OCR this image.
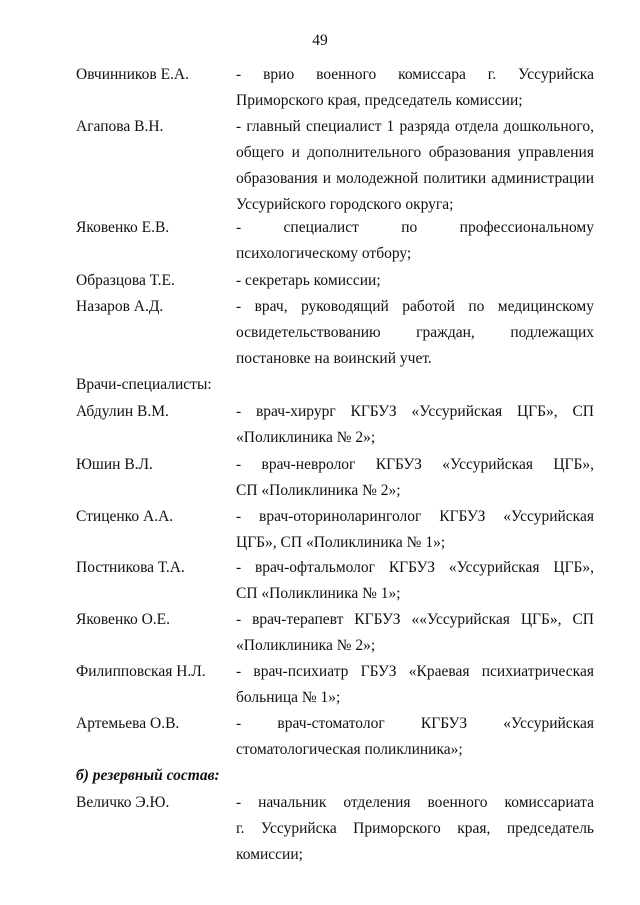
49
Овчинников Е.А.	- врио военного комиссара г. Уссурийска
Приморского края, председатель комиссии;
Агапова В.Н.	- главный специалист 1 разряда отдела дошкольного,
общего и дополнительного образования управления
образования и молодежной политики администрации
Уссурийского городского округа;
Яковенко Е.В.	- специалист по профессиональному
психологическому отбору;
Образцова Т.Е.	- секретарь комиссии;
Назаров А.Д.	- врач, руководящий работой по медицинскому
освидетельствованию граждан, подлежащих
постановке на воинский учет.
Врачи-специалисты:
Абдулин В.М.	- врач-хирург КГБУЗ «Уссурийская ЦГБ», СП
«Поликлиника № 2»;
Юшин В.Л.	- врач-невролог КГБУЗ «Уссурийская ЦГБ»,
СП «Поликлиника № 2»;
Стиценко А.А.	- врач-оториноларинголог КГБУЗ «Уссурийская
ЦГБ», СП «Поликлиника № 1»;
Постникова Т.А.	- врач-офтальмолог КГБУЗ «Уссурийская ЦГБ»,
СП «Поликлиника № 1»;
Яковенко О.Е.	- врач-терапевт КГБУЗ ««Уссурийская ЦГБ», СП
«Поликлиника № 2»;
Филипповская Н.Л. - врач-психиатр ГБУЗ «Краевая психиатрическая
больница № 1»;
Артемьева О.В.	- врач-стоматолог КГБУЗ «Уссурийская
стоматологическая поликлиника»;
б) резервный состав:
Величко Э.Ю.	- начальник отделения военного комиссариата
г. Уссурийска Приморского края, председатель
комиссии;
